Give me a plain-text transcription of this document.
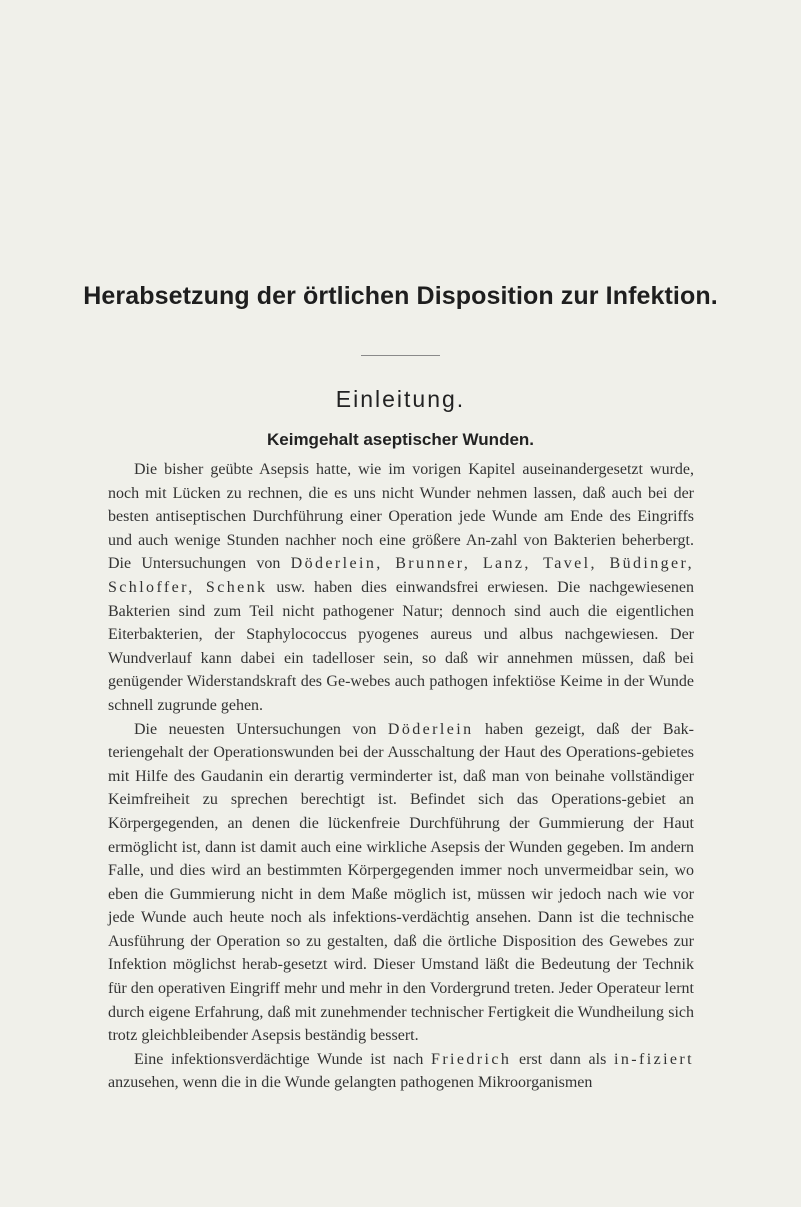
Herabsetzung der örtlichen Disposition zur Infektion.
Einleitung.
Keimgehalt aseptischer Wunden.

Die bisher geübte Asepsis hatte, wie im vorigen Kapitel auseinandergesetzt wurde, noch mit Lücken zu rechnen, die es uns nicht Wunder nehmen lassen, daß auch bei der besten antiseptischen Durchführung einer Operation jede Wunde am Ende des Eingriffs und auch wenige Stunden nachher noch eine größere An-zahl von Bakterien beherbergt. Die Untersuchungen von Döderlein, Brunner, Lanz, Tavel, Büdinger, Schloffer, Schenk usw. haben dies einwandsfrei erwiesen. Die nachgewiesenen Bakterien sind zum Teil nicht pathogener Natur; dennoch sind auch die eigentlichen Eiterbakterien, der Staphylococcus pyogenes aureus und albus nachgewiesen. Der Wundverlauf kann dabei ein tadelloser sein, so daß wir annehmen müssen, daß bei genügender Widerstandskraft des Ge-webes auch pathogen infektiöse Keime in der Wunde schnell zugrunde gehen.

Die neuesten Untersuchungen von Döderlein haben gezeigt, daß der Bak-teriengehalt der Operationswunden bei der Ausschaltung der Haut des Operations-gebietes mit Hilfe des Gaudanin ein derartig verminderter ist, daß man von beinahe vollständiger Keimfreiheit zu sprechen berechtigt ist. Befindet sich das Operations-gebiet an Körpergegenden, an denen die lückenfreie Durchführung der Gummierung der Haut ermöglicht ist, dann ist damit auch eine wirkliche Asepsis der Wunden gegeben. Im andern Falle, und dies wird an bestimmten Körpergegenden immer noch unvermeidbar sein, wo eben die Gummierung nicht in dem Maße möglich ist, müssen wir jedoch nach wie vor jede Wunde auch heute noch als infektions-verdächtig ansehen. Dann ist die technische Ausführung der Operation so zu gestalten, daß die örtliche Disposition des Gewebes zur Infektion möglichst herab-gesetzt wird. Dieser Umstand läßt die Bedeutung der Technik für den operativen Eingriff mehr und mehr in den Vordergrund treten. Jeder Operateur lernt durch eigene Erfahrung, daß mit zunehmender technischer Fertigkeit die Wundheilung sich trotz gleichbleibender Asepsis beständig bessert.

Eine infektionsverdächtige Wunde ist nach Friedrich erst dann als in-fiziert anzusehen, wenn die in die Wunde gelangten pathogenen Mikroorganismen
